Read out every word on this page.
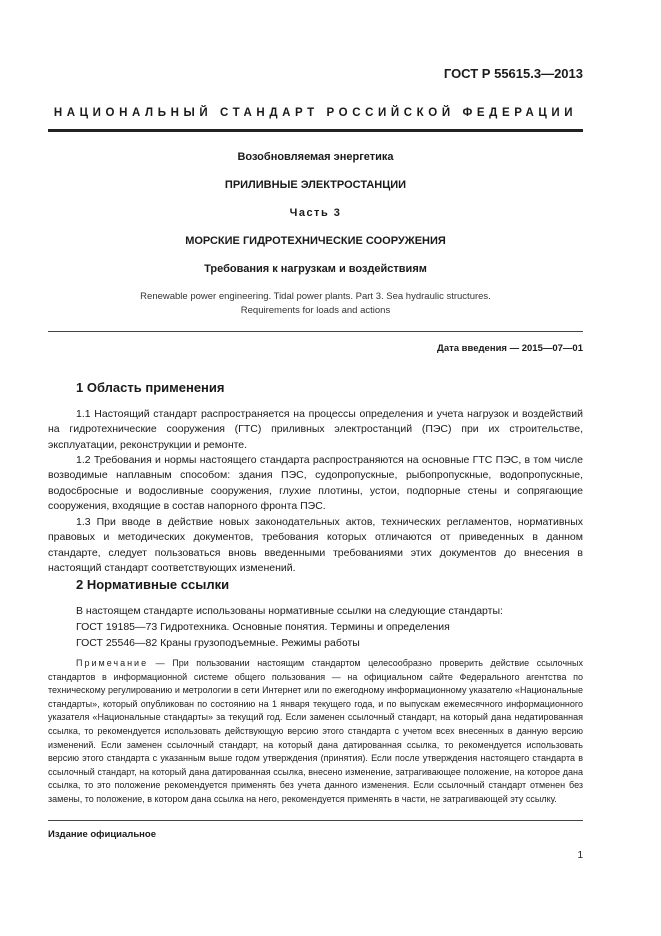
ГОСТ Р 55615.3—2013
НАЦИОНАЛЬНЫЙ СТАНДАРТ РОССИЙСКОЙ ФЕДЕРАЦИИ
Возобновляемая энергетика
ПРИЛИВНЫЕ ЭЛЕКТРОСТАНЦИИ
Часть 3
МОРСКИЕ ГИДРОТЕХНИЧЕСКИЕ СООРУЖЕНИЯ
Требования к нагрузкам и воздействиям
Renewable power engineering. Tidal power plants. Part 3. Sea hydraulic structures.
Requirements for loads and actions
Дата введения — 2015—07—01
1 Область применения
1.1 Настоящий стандарт распространяется на процессы определения и учета нагрузок и воздействий на гидротехнические сооружения (ГТС) приливных электростанций (ПЭС) при их строительстве, эксплуатации, реконструкции и ремонте.
1.2 Требования и нормы настоящего стандарта распространяются на основные ГТС ПЭС, в том числе возводимые наплавным способом: здания ПЭС, судопропускные, рыбопропускные, водопропускные, водосбросные и водосливные сооружения, глухие плотины, устои, подпорные стены и сопрягающие сооружения, входящие в состав напорного фронта ПЭС.
1.3 При вводе в действие новых законодательных актов, технических регламентов, нормативных правовых и методических документов, требования которых отличаются от приведенных в данном стандарте, следует пользоваться вновь введенными требованиями этих документов до внесения в настоящий стандарт соответствующих изменений.
2 Нормативные ссылки
В настоящем стандарте использованы нормативные ссылки на следующие стандарты:
ГОСТ 19185—73 Гидротехника. Основные понятия. Термины и определения
ГОСТ 25546—82 Краны грузоподъемные. Режимы работы
Примечание — При пользовании настоящим стандартом целесообразно проверить действие ссылочных стандартов в информационной системе общего пользования — на официальном сайте Федерального агентства по техническому регулированию и метрологии в сети Интернет или по ежегодному информационному указателю «Национальные стандарты», который опубликован по состоянию на 1 января текущего года, и по выпускам ежемесячного информационного указателя «Национальные стандарты» за текущий год. Если заменен ссылочный стандарт, на который дана недатированная ссылка, то рекомендуется использовать действующую версию этого стандарта с учетом всех внесенных в данную версию изменений. Если заменен ссылочный стандарт, на который дана датированная ссылка, то рекомендуется использовать версию этого стандарта с указанным выше годом утверждения (принятия). Если после утверждения настоящего стандарта в ссылочный стандарт, на который дана датированная ссылка, внесено изменение, затрагивающее положение, на которое дана ссылка, то это положение рекомендуется применять без учета данного изменения. Если ссылочный стандарт отменен без замены, то положение, в котором дана ссылка на него, рекомендуется применять в части, не затрагивающей эту ссылку.
Издание официальное
1
